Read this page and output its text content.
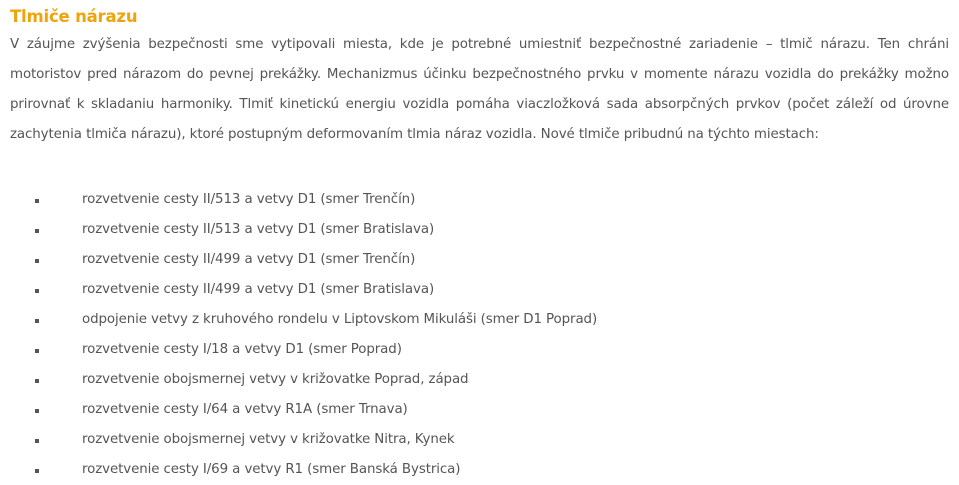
Tlmiče nárazu

V záujme zvýšenia bezpečnosti sme vytipovali miesta, kde je potrebné umiestniť bezpečnostné zariadenie – tlmič nárazu. Ten chráni
motoristov pred nárazom do pevnej prekážky. Mechanizmus účinku bezpečnostného prvku v momente nárazu vozidla do prekážky možno
prirovnať k skladaniu harmoniky. Tlmiť kinetickú energiu vozidla pomáha viaczložková sada absorpčných prvkov (počet záleží od úrovne
zachytenia tlmiča nárazu), ktoré postupným deformovaním tlmia náraz vozidla. Nové tlmiče pribudnú na týchto miestach:

rozvetvenie cesty II/513 a vetvy D1 (smer Trenčín)
rozvetvenie cesty II/513 a vetvy D1 (smer Bratislava)
rozvetvenie cesty II/499 a vetvy D1 (smer Trenčín)
rozvetvenie cesty II/499 a vetvy D1 (smer Bratislava)
odpojenie vetvy z kruhového rondelu v Liptovskom Mikuláši (smer D1 Poprad)
rozvetvenie cesty I/18 a vetvy D1 (smer Poprad)
rozvetvenie obojsmernej vetvy v križovatke Poprad, západ
rozvetvenie cesty I/64 a vetvy R1A (smer Trnava)
rozvetvenie obojsmernej vetvy v križovatke Nitra, Kynek
rozvetvenie cesty I/69 a vetvy R1 (smer Banská Bystrica)
